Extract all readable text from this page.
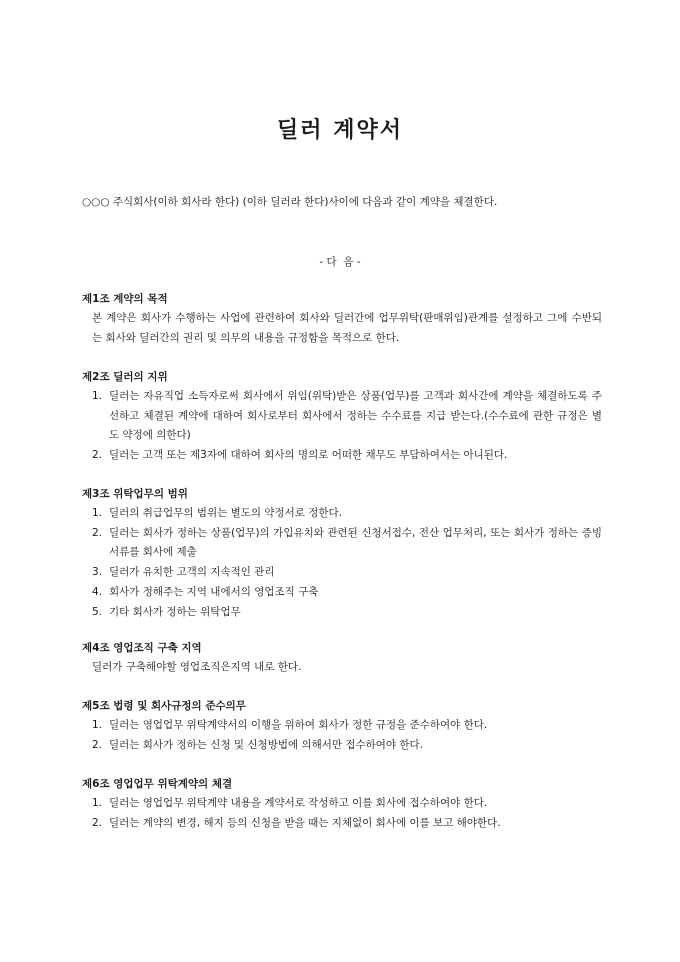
딜러 계약서

○○○ 주식회사(이하 회사라 한다) (이하 딜러라 한다)사이에 다음과 같이 계약을 체결한다.

- 다  음 -

제1조 계약의 목적

본 계약은 회사가 수행하는 사업에 관련하여 회사와 딜러간에 업무위탁(판매위임)관계를 설정하고 그에 수반되는 회사와 딜러간의 권리 및 의무의 내용을 규정함을 목적으로 한다.

제2조 딜러의 지위

1. 딜러는 자유직업 소득자로써 회사에서 위임(위탁)받은 상품(업무)를 고객과 회사간에 계약을 체결하도록 주선하고 체결된 계약에 대하여 회사로부터 회사에서 정하는 수수료를 지급 받는다.(수수료에 관한 규정은 별도 약정에 의한다)
2. 딜러는 고객 또는 제3자에 대하여 회사의 명의로 어떠한 채무도 부담하여서는 아니된다.

제3조 위탁업무의 범위

1. 딜러의 취급업무의 범위는 별도의 약정서로 정한다.
2. 딜러는 회사가 정하는 상품(업무)의 가입유치와 관련된 신청서접수, 전산 업무처리, 또는 회사가 정하는 증빙서류를 회사에 제출
3. 딜러가 유치한 고객의 지속적인 관리
4. 회사가 정해주는 지역 내에서의 영업조직 구축
5. 기타 회사가 정하는 위탁업무

제4조 영업조직 구축 지역

딜러가 구축해야할 영업조직은지역 내로 한다.

제5조 법령 및 회사규정의 준수의무

1. 딜러는 영업업무 위탁계약서의 이행을 위하여 회사가 정한 규정을 준수하여야 한다.
2. 딜러는 회사가 정하는 신청 및 신청방법에 의해서만 접수하여야 한다.

제6조 영업업무 위탁계약의 체결

1. 딜러는 영업업무 위탁계약 내용을 계약서로 작성하고 이를 회사에 접수하여야 한다.
2. 딜러는 계약의 변경, 해지 등의 신청을 받을 때는 지체없이 회사에 이를 보고 해야한다.
